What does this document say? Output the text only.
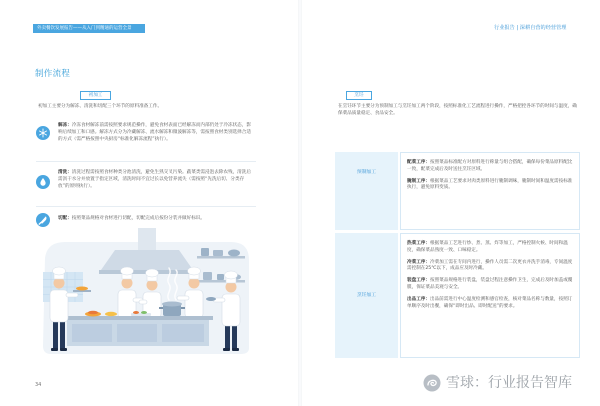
外卖餐饮发展报告——从入门到精通的运营全景	行业报告 | 深耕自营的经营管理
制作流程
初加工
初加工主要分为解冻、清洗和切配三个环节的原料准备工作。
解冻：冷冻食材解冻前需按照要求规范操作，避免食材表面已经解冻而内部仍处于冷冻状态，影响后续加工和口感。解冻方式分为冷藏解冻、流水解冻和微波解冻等，需按照食材类别选择合适的方式（需严格按照中央厨房“标准化解冻流程”执行）。
清洗：清洗过程需按照食材种类分池清洗，避免生熟交叉污染。蔬菜类需浸泡去除农残，清洗后需沥干水分并放置于指定区域，清洗时间不宜过长以免营养流失（需按照“先洗后切、分类存放”的原则执行）。
切配：按照菜品规格对食材进行切配，切配完成后按份分装并做好标识。
34
烹饪
在烹饪环节主要分为预制加工与烹饪加工两个阶段，按照标准化工艺流程进行操作，严格把控各环节的时间与温度，确保菜品质量稳定、食品安全。
预制加工

配菜工序：按照菜品标准配方对原料进行称量与组合搭配，确保每份菜品原料配比一致，配菜完成后及时送往烹饪区域。

腌制工序：根据菜品工艺要求对肉类原料进行腌制调味，腌制时间和温度需按标准执行，避免原料变质。

烹饪加工

热菜工序：根据菜品工艺进行炒、煮、蒸、炸等加工，严格控制火候、时间和温度，确保菜品熟度一致、口味稳定。

冷菜工序：冷菜加工需在专间内进行，操作人员需二次更衣并洗手消毒，专间温度需控制在25℃以下，成品应及时冷藏。

装盘工序：按照菜品规格进行装盘，装盘过程注意操作卫生，完成后及时加盖或覆膜，保证菜品美观与安全。

出品工序：出品前需进行中心温度检测和感官检查，核对菜品名称与数量，按照订单顺序及时出餐，确保“即时出品、即时配送”的要求。

雪球：行业报告智库
